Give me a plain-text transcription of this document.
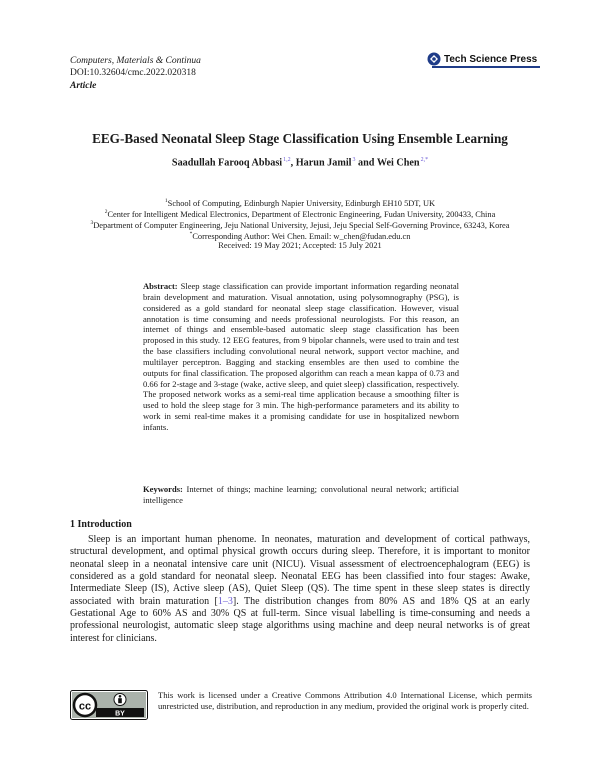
Computers, Materials & Continua
DOI:10.32604/cmc.2022.020318
Article
Tech Science Press
EEG-Based Neonatal Sleep Stage Classification Using Ensemble Learning
Saadullah Farooq Abbasi$^{1,2}$, Harun Jamil$^3$ and Wei Chen$^{2,*}$
$^1$School of Computing, Edinburgh Napier University, Edinburgh EH10 5DT, UK
$^2$Center for Intelligent Medical Electronics, Department of Electronic Engineering, Fudan University, 200433, China
$^3$Department of Computer Engineering, Jeju National University, Jejusi, Jeju Special Self-Governing Province, 63243, Korea
*Corresponding Author: Wei Chen. Email: w_chen@fudan.edu.cn
Received: 19 May 2021; Accepted: 15 July 2021
Abstract: Sleep stage classification can provide important information regarding neonatal brain development and maturation. Visual annotation, using polysomnography (PSG), is considered as a gold standard for neonatal sleep stage classification. However, visual annotation is time consuming and needs professional neurologists. For this reason, an internet of things and ensemble-based automatic sleep stage classification has been proposed in this study. 12 EEG features, from 9 bipolar channels, were used to train and test the base classifiers including convolutional neural network, support vector machine, and multilayer perceptron. Bagging and stacking ensembles are then used to combine the outputs for final classification. The proposed algorithm can reach a mean kappa of 0.73 and 0.66 for 2-stage and 3-stage (wake, active sleep, and quiet sleep) classification, respectively. The proposed network works as a semi-real time application because a smoothing filter is used to hold the sleep stage for 3 min. The high-performance parameters and its ability to work in semi real-time makes it a promising candidate for use in hospitalized newborn infants.
Keywords: Internet of things; machine learning; convolutional neural network; artificial intelligence
1 Introduction
Sleep is an important human phenome. In neonates, maturation and development of cortical pathways, structural development, and optimal physical growth occurs during sleep. Therefore, it is important to monitor neonatal sleep in a neonatal intensive care unit (NICU). Visual assessment of electroencephalogram (EEG) is considered as a gold standard for neonatal sleep. Neonatal EEG has been classified into four stages: Awake, Intermediate Sleep (IS), Active sleep (AS), Quiet Sleep (QS). The time spent in these sleep states is directly associated with brain maturation [1–3]. The distribution changes from 80% AS and 18% QS at an early Gestational Age to 60% AS and 30% QS at full-term. Since visual labelling is time-consuming and needs a professional neurologist, automatic sleep stage algorithms using machine and deep neural networks is of great interest for clinicians.
cc
BY
This work is licensed under a Creative Commons Attribution 4.0 International License, which permits unrestricted use, distribution, and reproduction in any medium, provided the original work is properly cited.
